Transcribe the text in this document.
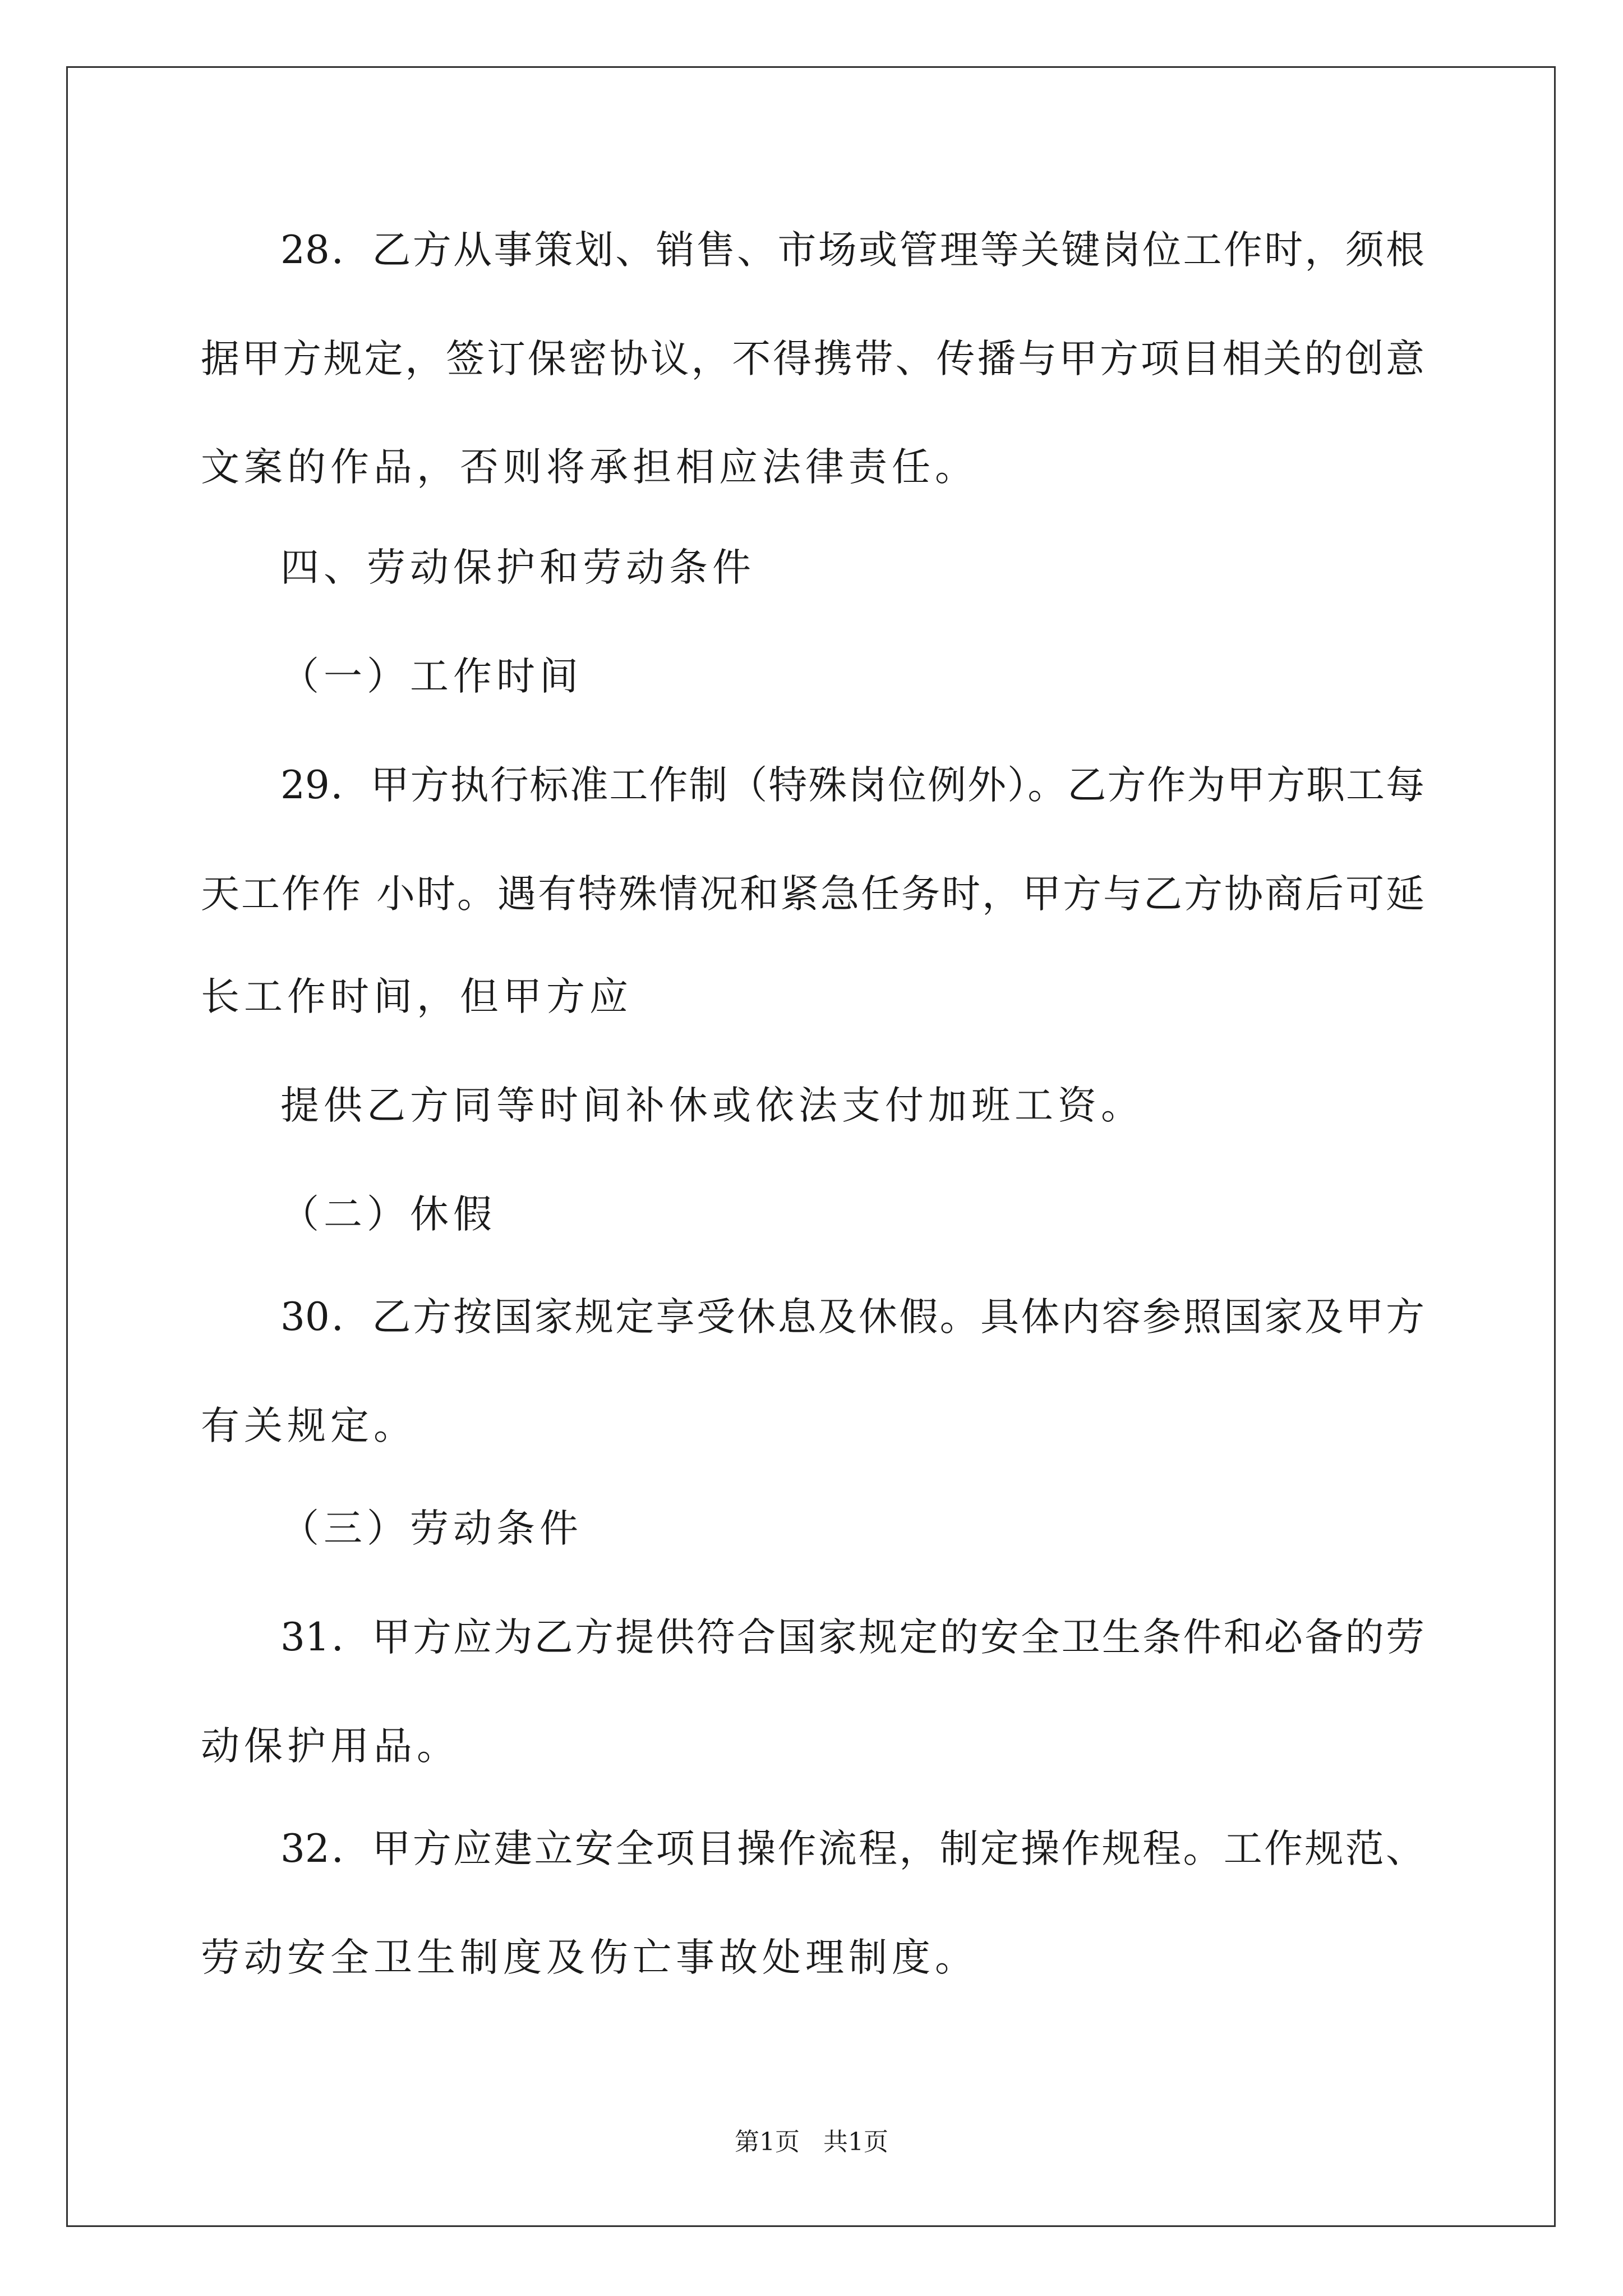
28．乙方从事策划、销售、市场或管理等关键岗位工作时，须根
据甲方规定，签订保密协议，不得携带、传播与甲方项目相关的创意
文案的作品，否则将承担相应法律责任。
四、劳动保护和劳动条件
（一）工作时间
29．甲方执行标准工作制（特殊岗位例外）。乙方作为甲方职工每
天工作作 小时。遇有特殊情况和紧急任务时，甲方与乙方协商后可延
长工作时间，但甲方应
提供乙方同等时间补休或依法支付加班工资。
（二）休假
30．乙方按国家规定享受休息及休假。具体内容参照国家及甲方
有关规定。
（三）劳动条件
31．甲方应为乙方提供符合国家规定的安全卫生条件和必备的劳
动保护用品。
32．甲方应建立安全项目操作流程，制定操作规程。工作规范、
劳动安全卫生制度及伤亡事故处理制度。
第1页   共1页
